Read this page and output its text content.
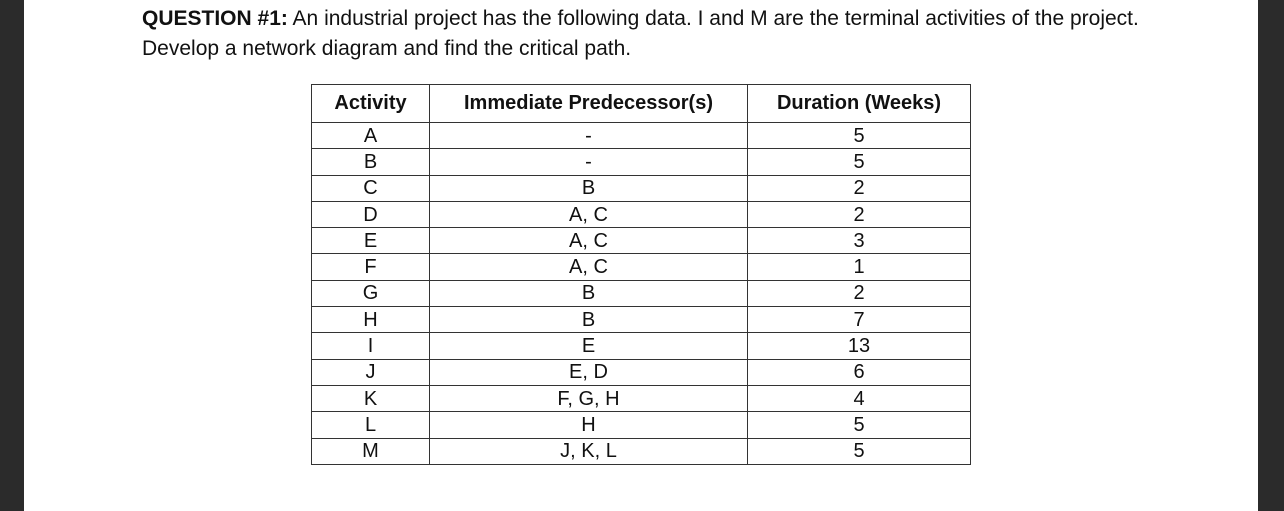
QUESTION #1: An industrial project has the following data. I and M are the terminal activities of the project. Develop a network diagram and find the critical path.
Activity	Immediate Predecessor(s)	Duration (Weeks)
A	-	5
B	-	5
C	B	2
D	A, C	2
E	A, C	3
F	A, C	1
G	B	2
H	B	7
I	E	13
J	E, D	6
K	F, G, H	4
L	H	5
M	J, K, L	5
